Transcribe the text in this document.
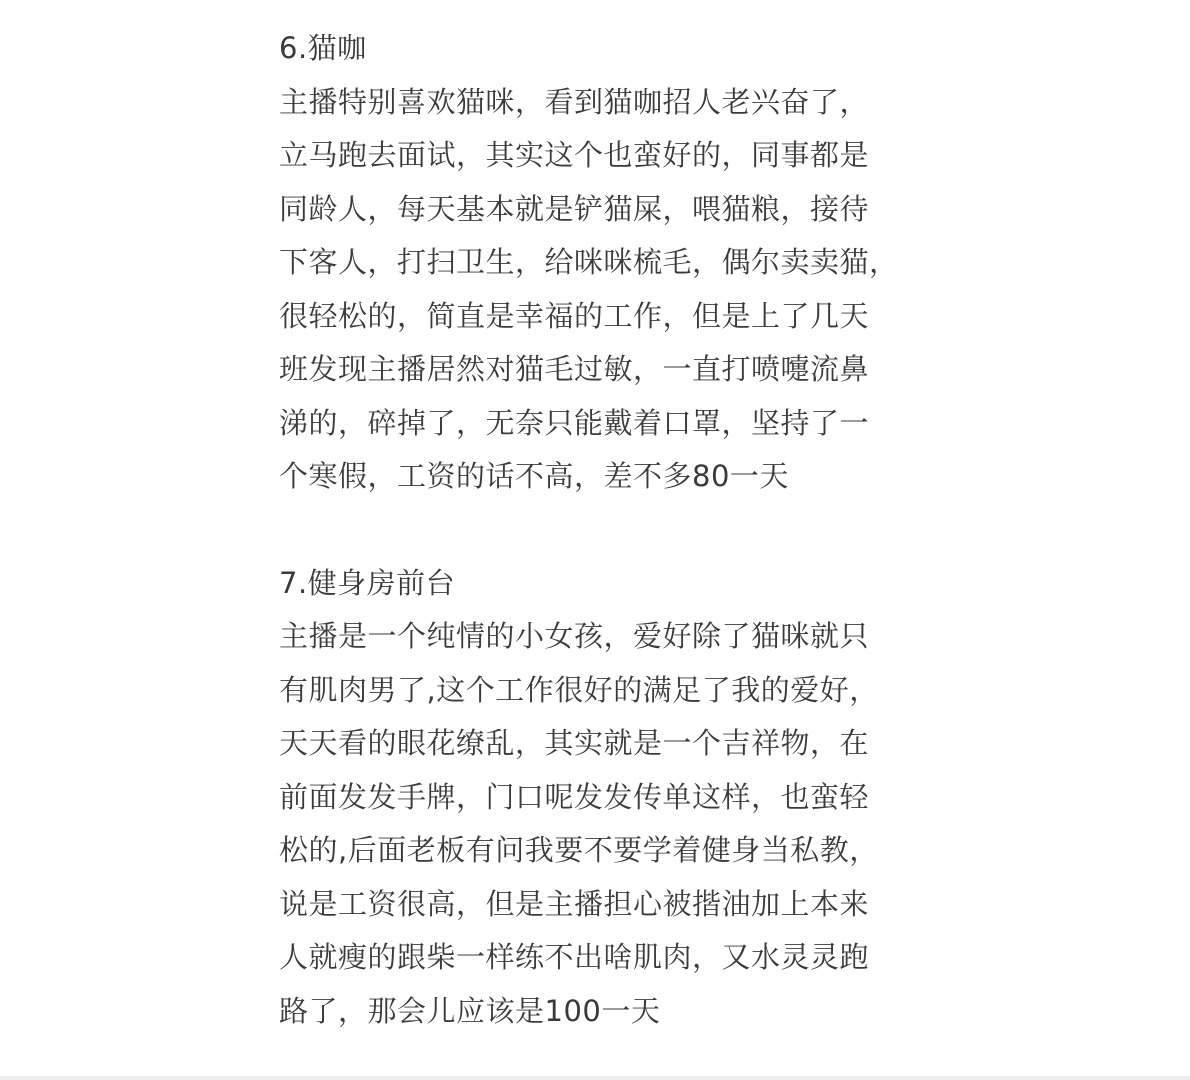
6.猫咖
主播特别喜欢猫咪，看到猫咖招人老兴奋了，
立马跑去面试，其实这个也蛮好的，同事都是
同龄人，每天基本就是铲猫屎，喂猫粮，接待
下客人，打扫卫生，给咪咪梳毛，偶尔卖卖猫，
很轻松的，简直是幸福的工作，但是上了几天
班发现主播居然对猫毛过敏，一直打喷嚏流鼻
涕的，碎掉了，无奈只能戴着口罩，坚持了一
个寒假，工资的话不高，差不多80一天
7.健身房前台
主播是一个纯情的小女孩，爱好除了猫咪就只
有肌肉男了,这个工作很好的满足了我的爱好，
天天看的眼花缭乱，其实就是一个吉祥物，在
前面发发手牌，门口呢发发传单这样，也蛮轻
松的,后面老板有问我要不要学着健身当私教，
说是工资很高，但是主播担心被揩油加上本来
人就瘦的跟柴一样练不出啥肌肉，又水灵灵跑
路了，那会儿应该是100一天
